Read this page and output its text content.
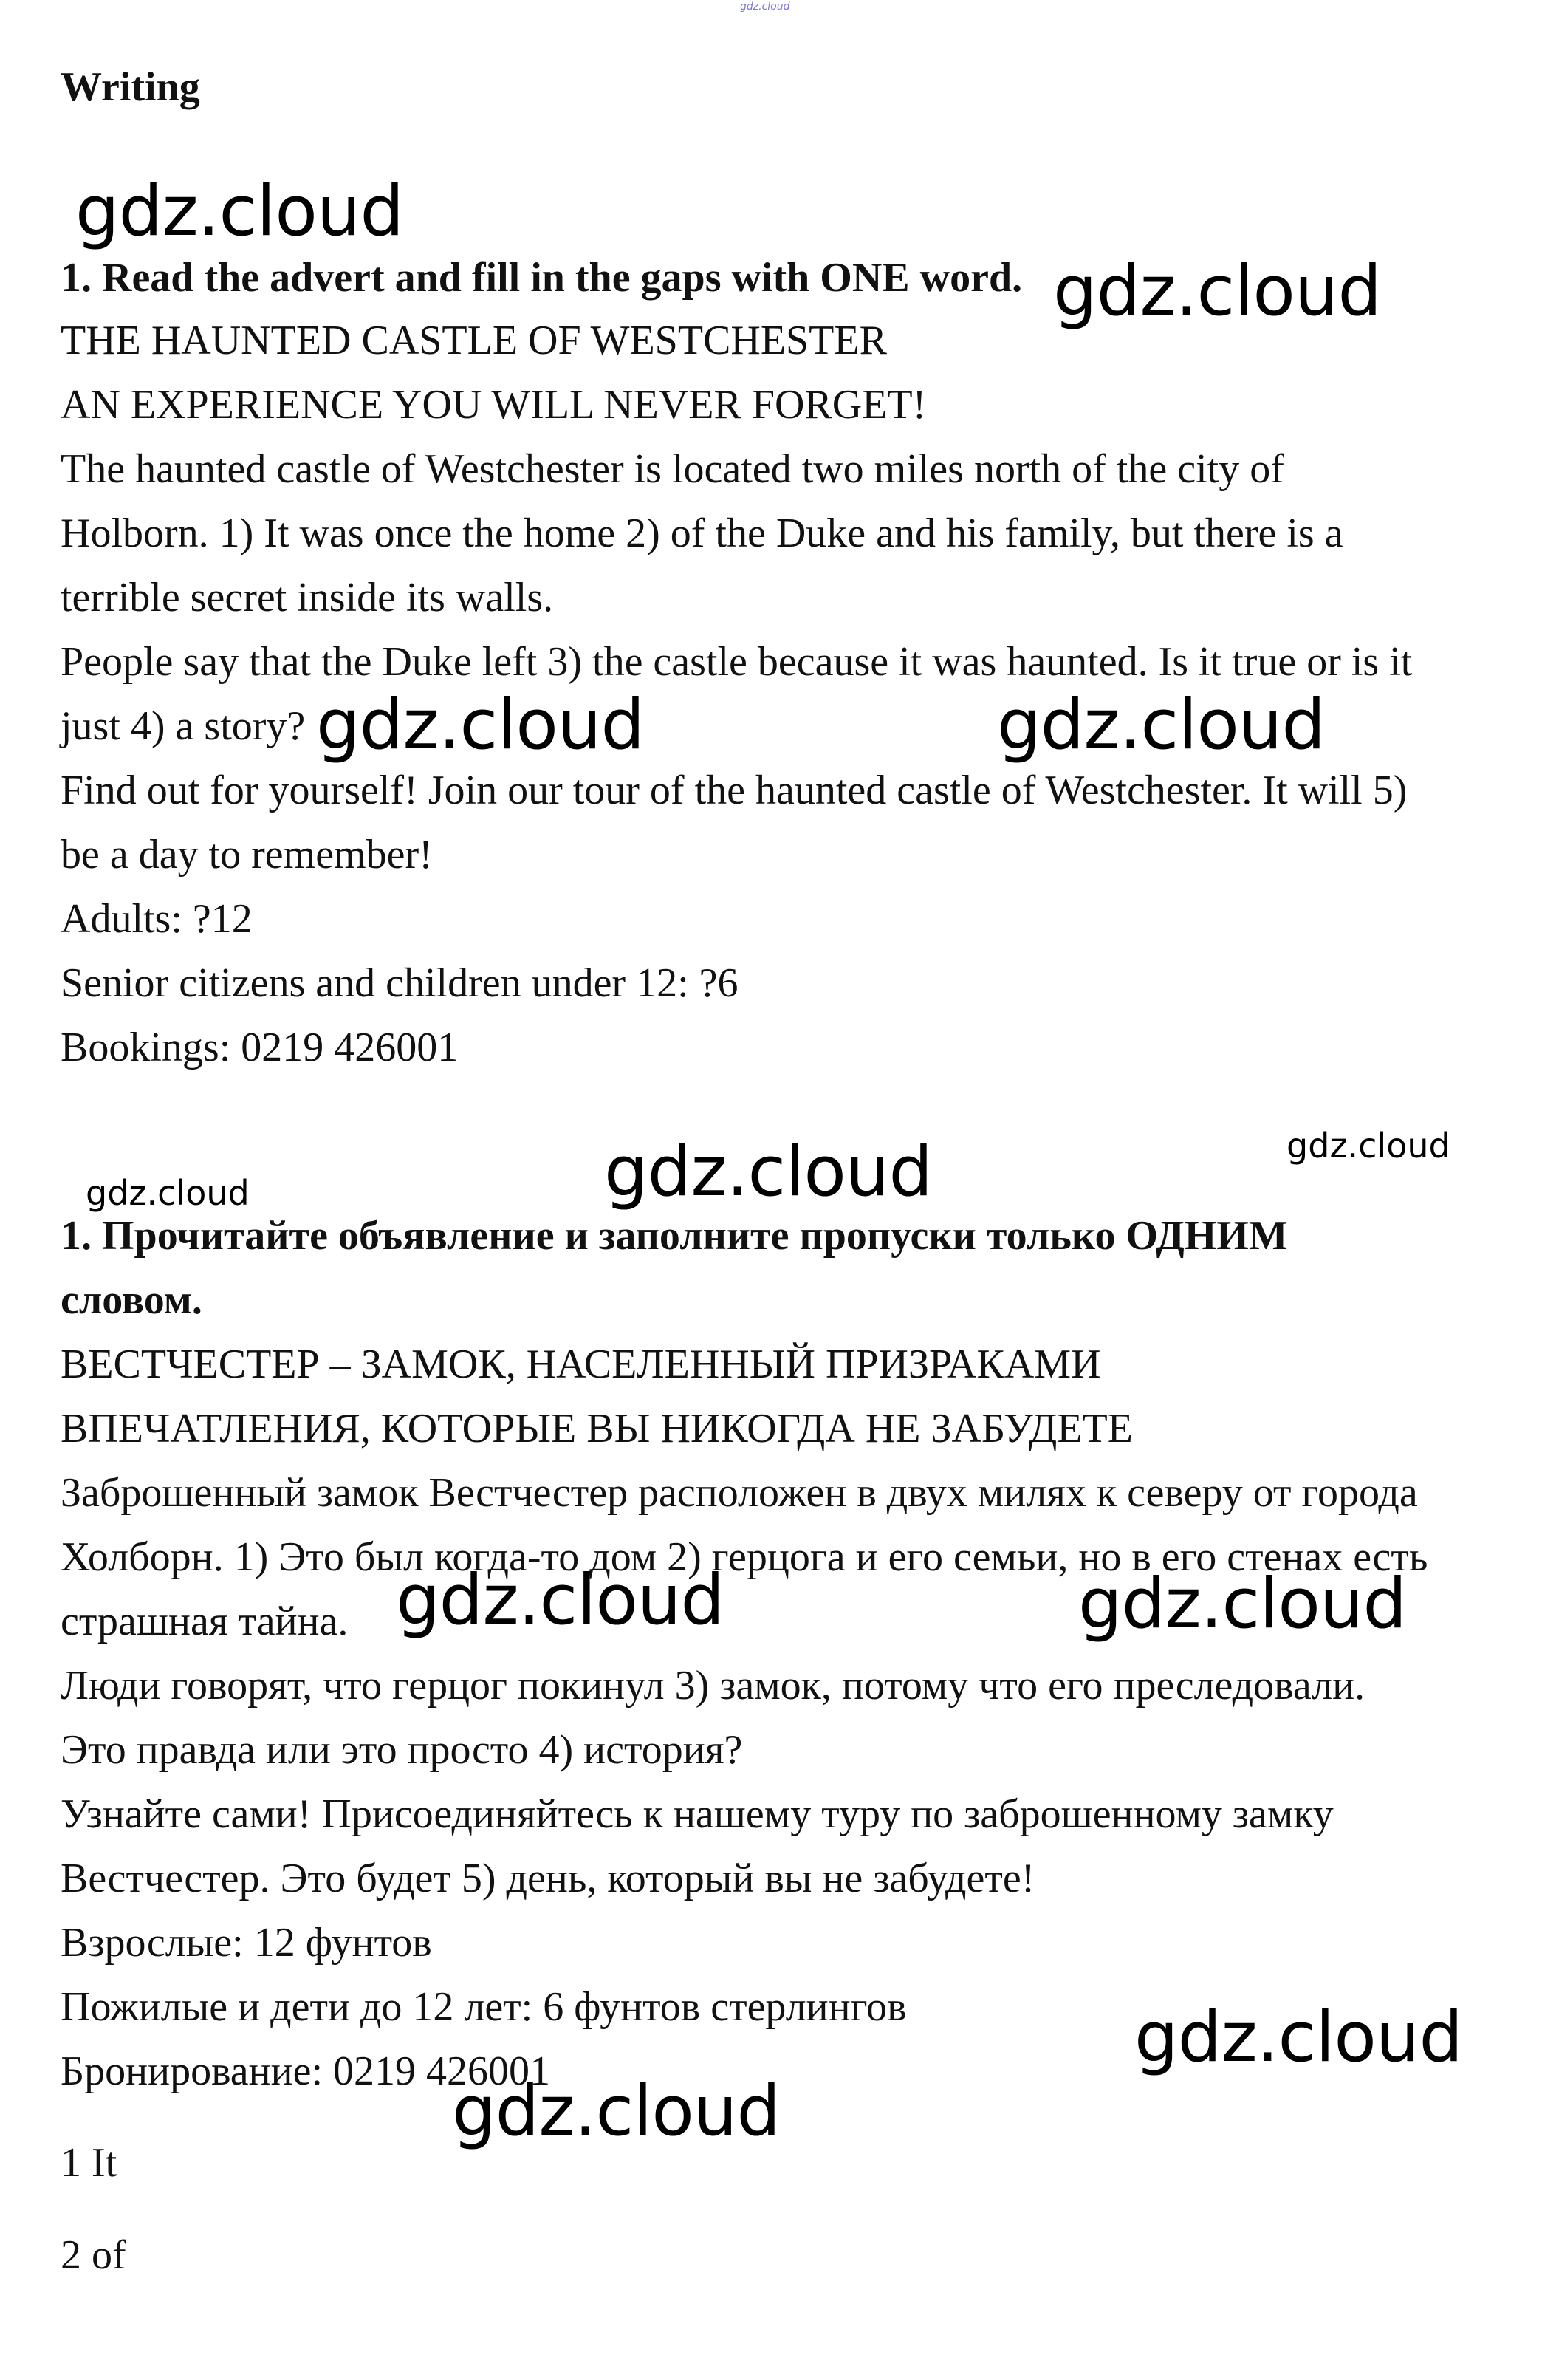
gdz.cloud
Writing
1. Read the advert and fill in the gaps with ONE word.
THE HAUNTED CASTLE OF WESTCHESTER
AN EXPERIENCE YOU WILL NEVER FORGET!
The haunted castle of Westchester is located two miles north of the city of
Holborn. 1) It was once the home 2) of the Duke and his family, but there is a
terrible secret inside its walls.
People say that the Duke left 3) the castle because it was haunted. Is it true or is it
just 4) a story?
Find out for yourself! Join our tour of the haunted castle of Westchester. It will 5)
be a day to remember!
Adults: ?12
Senior citizens and children under 12: ?6
Bookings: 0219 426001
1. Прочитайте объявление и заполните пропуски только ОДНИМ
словом.
ВЕСТЧЕСТЕР – ЗАМОК, НАСЕЛЕННЫЙ ПРИЗРАКАМИ
ВПЕЧАТЛЕНИЯ, КОТОРЫЕ ВЫ НИКОГДА НЕ ЗАБУДЕТЕ
Заброшенный замок Вестчестер расположен в двух милях к северу от города
Холборн. 1) Это был когда-то дом 2) герцога и его семьи, но в его стенах есть
страшная тайна.
Люди говорят, что герцог покинул 3) замок, потому что его преследовали.
Это правда или это просто 4) история?
Узнайте сами! Присоединяйтесь к нашему туру по заброшенному замку
Вестчестер. Это будет 5) день, который вы не забудете!
Взрослые: 12 фунтов
Пожилые и дети до 12 лет: 6 фунтов стерлингов
Бронирование: 0219 426001
1 It
2 of
gdz.cloud
gdz.cloud
gdz.cloud	gdz.cloud
gdz.cloud
gdz.cloud	gdz.cloud
gdz.cloud	gdz.cloud
gdz.cloud
gdz.cloud
